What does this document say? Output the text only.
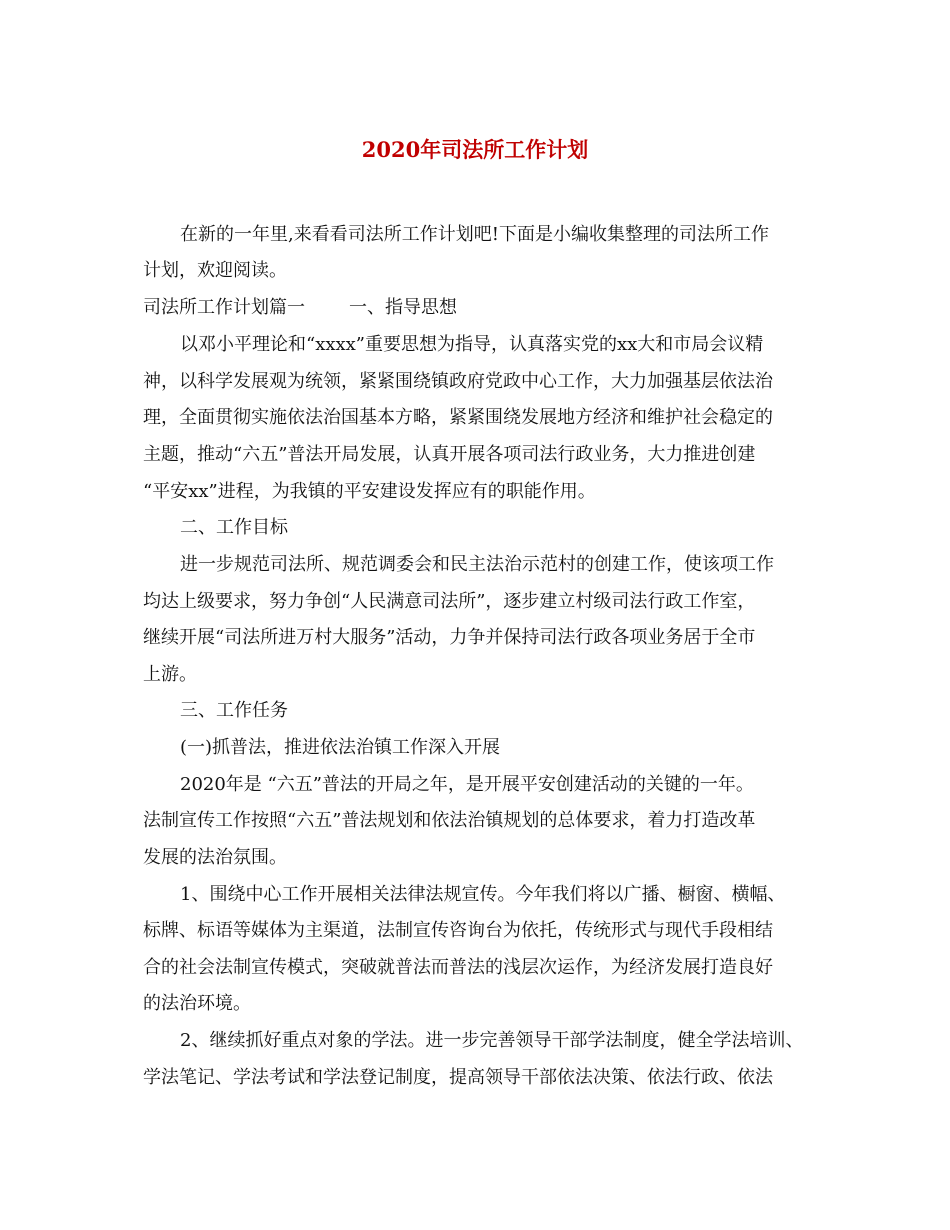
2020年司法所工作计划
在新的一年里,来看看司法所工作计划吧!下面是小编收集整理的司法所工作
计划，欢迎阅读。
司法所工作计划篇一 一、指导思想
以邓小平理论和“xxxx”重要思想为指导，认真落实党的xx大和市局会议精
神，以科学发展观为统领，紧紧围绕镇政府党政中心工作，大力加强基层依法治
理，全面贯彻实施依法治国基本方略，紧紧围绕发展地方经济和维护社会稳定的
主题，推动“六五”普法开局发展，认真开展各项司法行政业务，大力推进创建
“平安xx”进程，为我镇的平安建设发挥应有的职能作用。
二、工作目标
进一步规范司法所、规范调委会和民主法治示范村的创建工作，使该项工作
均达上级要求，努力争创“人民满意司法所”，逐步建立村级司法行政工作室，
继续开展“司法所进万村大服务”活动，力争并保持司法行政各项业务居于全市
上游。
三、工作任务
(一)抓普法，推进依法治镇工作深入开展
2020年是 “六五”普法的开局之年，是开展平安创建活动的关键的一年。
法制宣传工作按照“六五”普法规划和依法治镇规划的总体要求，着力打造改革
发展的法治氛围。
1、围绕中心工作开展相关法律法规宣传。今年我们将以广播、橱窗、横幅、
标牌、标语等媒体为主渠道，法制宣传咨询台为依托，传统形式与现代手段相结
合的社会法制宣传模式，突破就普法而普法的浅层次运作，为经济发展打造良好
的法治环境。
2、继续抓好重点对象的学法。进一步完善领导干部学法制度，健全学法培训、
学法笔记、学法考试和学法登记制度，提高领导干部依法决策、依法行政、依法
